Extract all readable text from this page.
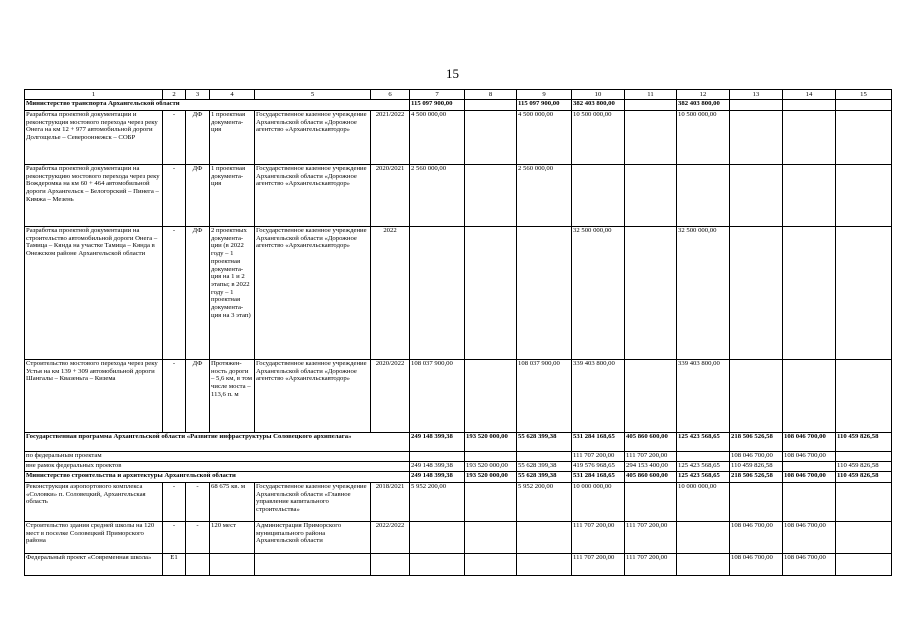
15
1	2	3	4	5	6	7	8	9	10	11	12	13	14	15
Министерство транспорта Архангельской области						115 097 900,00		115 097 900,00	382 403 800,00		382 403 800,00			
Разработка проектной документации и реконструкция мостового перехода через реку Онега на км 12 + 977 автомобильной дороги Долгощелье – Северооннежск – СОБР	-	ДФ	1 проектная документа-ция	Государственное казенное учреждение Архангельской области «Дорожное агентство «Архангельскавтодор»	2021/2022	4 500 000,00		4 500 000,00	10 500 000,00		10 500 000,00			
Разработка проектной документации на реконструкцию мостового перехода через реку Вождеромка на км 60 + 464 автомобильной дороги Архангельск – Белогорский – Пинега – Кимжа – Мезень	-	ДФ	1 проектная документа-ция	Государственное казенное учреждение Архангельской области «Дорожное агентство «Архангельскавтодор»	2020/2021	2 560 000,00		2 560 000,00						
Разработка проектной документации на строительство автомобильной дороги Онега – Тамица – Кянда на участке Тамица – Кянда в Онежском районе Архангельской области	-	ДФ	2 проектных документа-ции (в 2022 году – 1 проектная документа-ция на 1 и 2 этапы; в 2022 году – 1 проектная документа-ция на 3 этап)	Государственное казенное учреждение Архангельской области «Дорожное агентство «Архангельскавтодор»	2022				32 500 000,00		32 500 000,00			
Строительство мостового перехода через реку Устья на км 139 + 309 автомобильной дороги Шангалы – Квазеньга – Кизема	-	ДФ	Протяжен-ность дороги – 5,6 км, в том числе моста – 113,6 п. м	Государственное казенное учреждение Архангельской области «Дорожное агентство «Архангельскавтодор»	2020/2022	108 037 900,00		108 037 900,00	339 403 800,00		339 403 800,00			
Государственная программа Архангельской области «Развитие инфраструктуры Соловецкого архипелага»						249 148 399,38	193 520 000,00	55 628 399,38	531 284 168,65	405 860 600,00	125 423 568,65	218 506 526,58	108 046 700,00	110 459 826,58
по федеральным проектам									111 707 200,00	111 707 200,00		108 046 700,00	108 046 700,00	
вне рамок федеральных проектов						249 148 399,38	193 520 000,00	55 628 399,38	419 576 968,65	294 153 400,00	125 423 568,65	110 459 826,58		110 459 826,58
Министерство строительства и архитектуры Архангельской области						249 148 399,38	193 520 000,00	55 628 399,38	531 284 168,65	405 860 600,00	125 423 568,65	218 506 526,58	108 046 700,00	110 459 826,58
Реконструкция аэропортового комплекса «Соловки» п. Соловецкий, Архангельская область	-	-	68 675 кв. м	Государственное казенное учреждение Архангельской области «Главное управление капитального строительства»	2018/2021	5 952 200,00		5 952 200,00	10 000 000,00		10 000 000,00			
Строительство здания средней школы на 120 мест в поселке Соловецкий Приморского района	-	-	120 мест	Администрация Приморского муниципального района Архангельской области	2022/2022				111 707 200,00	111 707 200,00		108 046 700,00	108 046 700,00	
Федеральный проект «Современная школа»	E1								111 707 200,00	111 707 200,00		108 046 700,00	108 046 700,00	
